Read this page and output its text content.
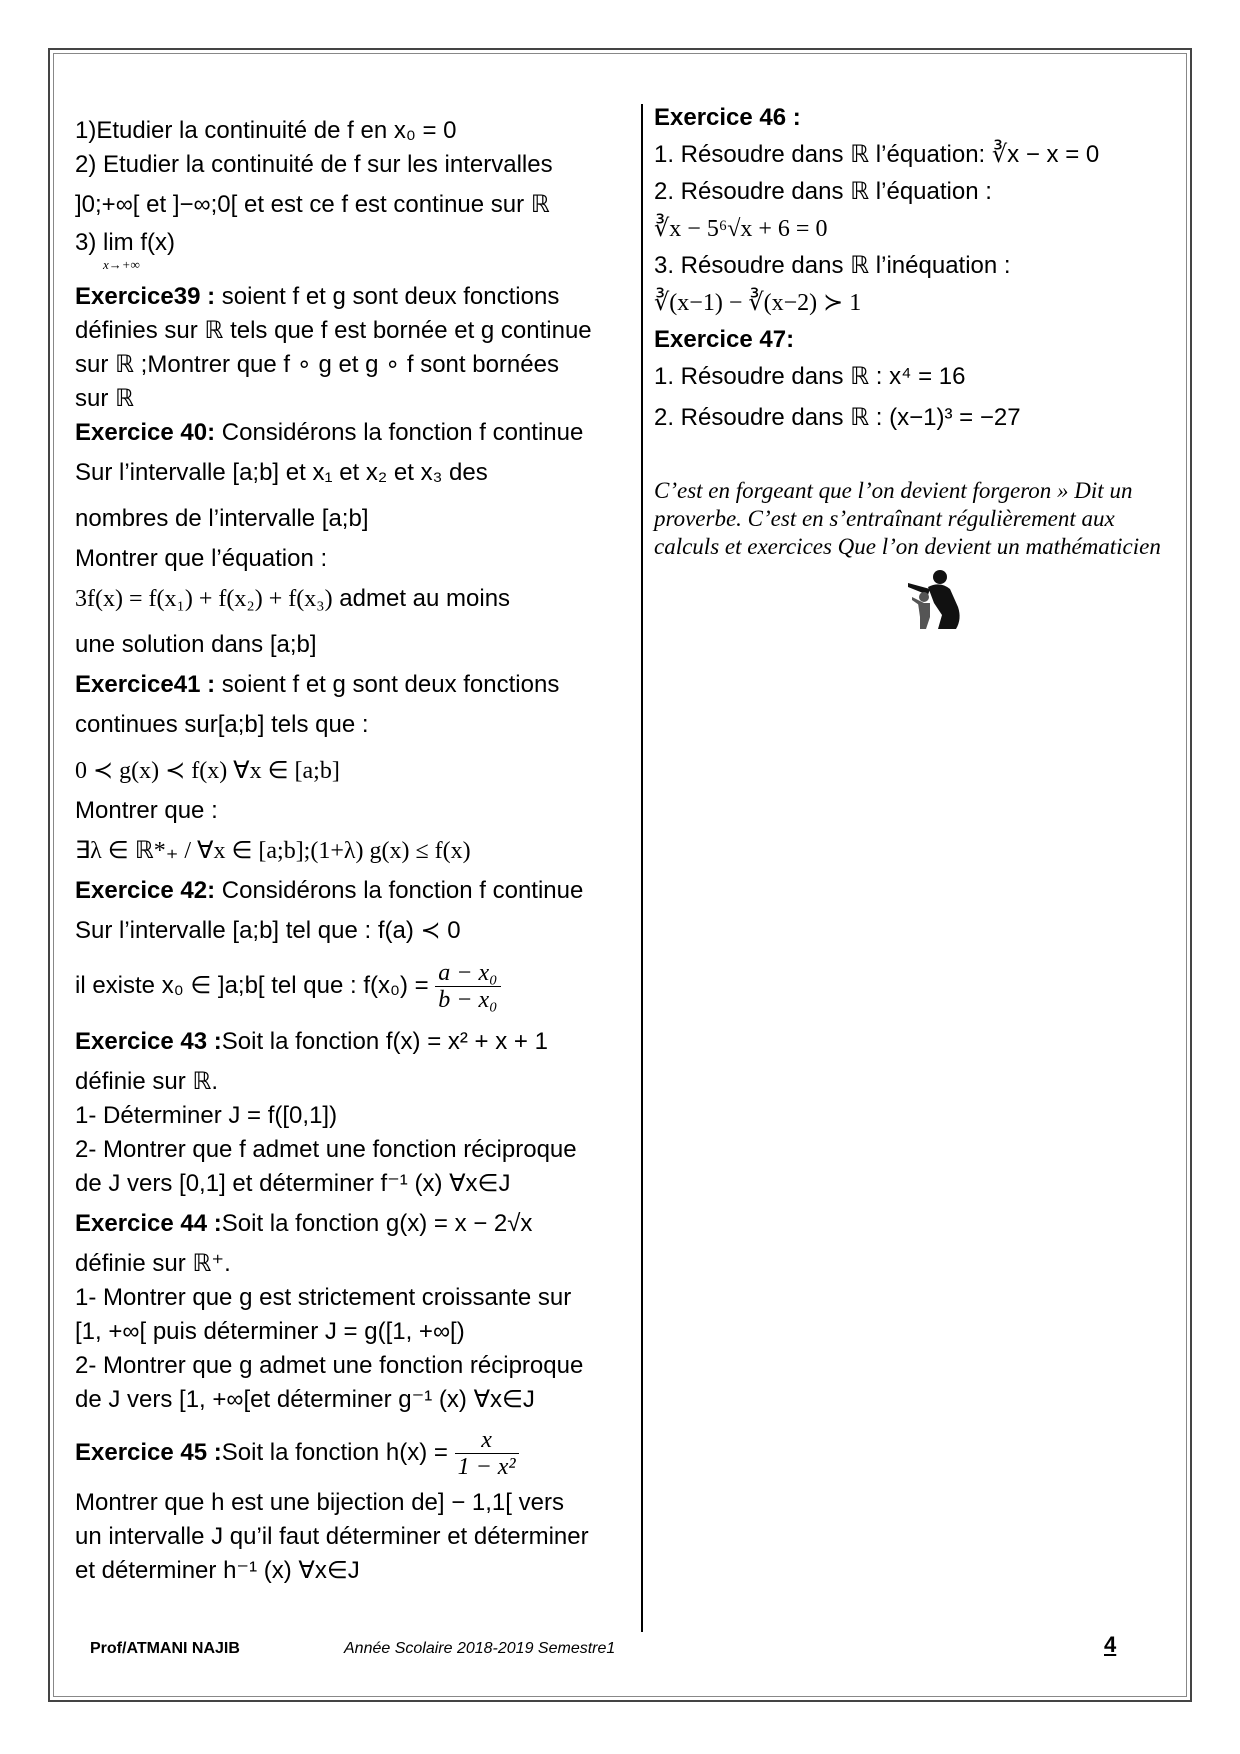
1)Etudier la continuité de f en x₀ = 0
2) Etudier la continuité de f sur les intervalles
]0;+∞[ et ]−∞;0[ et est ce f est continue sur ℝ
3) lim f(x)
x→+∞
Exercice39 : soient f et g sont deux fonctions
définies sur ℝ tels que f est bornée et g continue
sur ℝ ;Montrer que f ∘ g et g ∘ f sont bornées
sur ℝ
Exercice 40: Considérons la fonction f continue
Sur l’intervalle [a;b] et x₁ et x₂ et x₃ des
nombres de l’intervalle [a;b]
Montrer que l’équation :
3f(x) = f(x₁) + f(x₂) + f(x₃) admet au moins
une solution dans [a;b]
Exercice41 : soient f et g sont deux fonctions
continues sur[a;b] tels que :
0 ≺ g(x) ≺ f(x) ∀x ∈ [a;b]
Montrer que :
∃λ ∈ ℝ*₊ / ∀x ∈ [a;b];(1+λ) g(x) ≤ f(x)
Exercice 42: Considérons la fonction f continue
Sur l’intervalle [a;b] tel que : f(a) ≺ 0
il existe x₀ ∈ ]a;b[ tel que : $f(x_0) = \frac{\text{a − x₀}}{\text{b − x₀}}$
Exercice 43 :Soit la fonction f(x) = x² + x + 1
définie sur ℝ.
1- Déterminer J = f([0,1])
2- Montrer que f admet une fonction réciproque
de J vers [0,1] et déterminer f⁻¹ (x) ∀x∈J
Exercice 44 :Soit la fonction g(x) = x − 2√x
définie sur ℝ⁺.
1- Montrer que g est strictement croissante sur
[1, +∞[ puis déterminer J = g([1, +∞[)
2- Montrer que g admet une fonction réciproque
de J vers [1, +∞[et déterminer g⁻¹ (x) ∀x∈J
Exercice 45 :Soit la fonction $h(x) = \frac{x}{\text{1 − x²}}$
Montrer que h est une bijection de] − 1,1[ vers
un intervalle J qu’il faut déterminer et déterminer
et déterminer h⁻¹ (x) ∀x∈J
Exercice 46 :
1. Résoudre dans ℝ l’équation: ∛x − x = 0
2. Résoudre dans ℝ l’équation :
∛x − 5⁶√x + 6 = 0
3. Résoudre dans ℝ l’inéquation :
∛(x−1) − ∛(x−2) ≻ 1
Exercice 47:
1. Résoudre dans ℝ : x⁴ = 16
2. Résoudre dans ℝ : (x−1)³ = −27
C’est en forgeant que l’on devient forgeron » Dit un proverbe. C’est en s’entraînant régulièrement aux calculs et exercices Que l’on devient un mathématicien
Prof/ATMANI NAJIB	Année Scolaire 2018-2019 Semestre1	4
